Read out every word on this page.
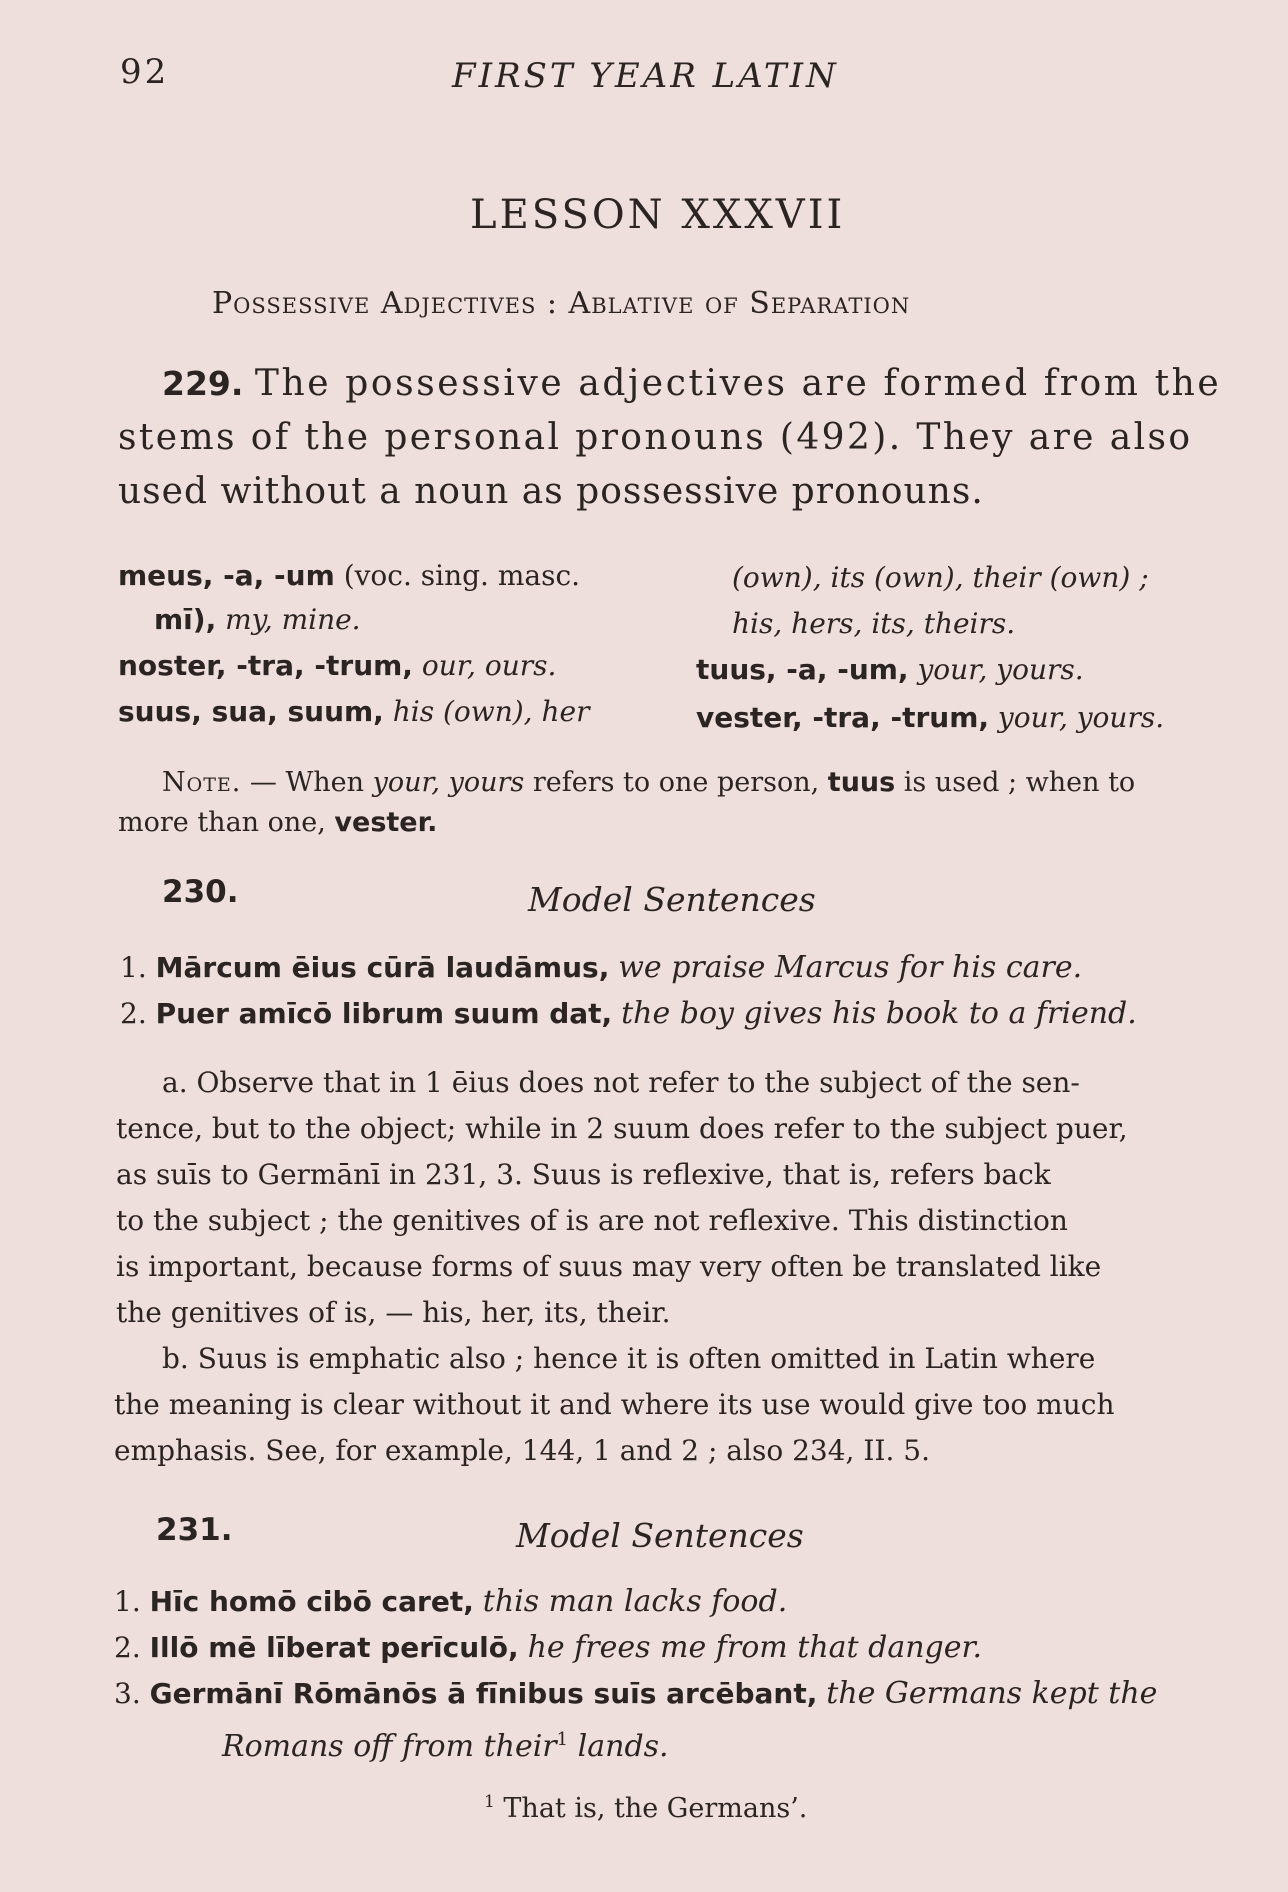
92	FIRST YEAR LATIN
LESSON XXXVII
Possessive Adjectives : Ablative of Separation
229. The possessive adjectives are formed from the
stems of the personal pronouns (492). They are also
used without a noun as possessive pronouns.
meus, -a, -um (voc. sing. masc.
mī), my, mine.
noster, -tra, -trum, our, ours.
suus, sua, suum, his (own), her
(own), its (own), their (own) ;
his, hers, its, theirs.
tuus, -a, -um, your, yours.
vester, -tra, -trum, your, yours.
Note. — When your, yours refers to one person, tuus is used ; when to
more than one, vester.
230.	Model Sentences
1. Mārcum ēius cūrā laudāmus, we praise Marcus for his care.
2. Puer amīcō librum suum dat, the boy gives his book to a friend.
a. Observe that in 1 ēius does not refer to the subject of the sen-
tence, but to the object; while in 2 suum does refer to the subject puer,
as suīs to Germānī in 231, 3. Suus is reflexive, that is, refers back
to the subject ; the genitives of is are not reflexive. This distinction
is important, because forms of suus may very often be translated like
the genitives of is, — his, her, its, their.
b. Suus is emphatic also ; hence it is often omitted in Latin where
the meaning is clear without it and where its use would give too much
emphasis. See, for example, 144, 1 and 2 ; also 234, II. 5.
231.	Model Sentences
1. Hīc homō cibō caret, this man lacks food.
2. Illō mē līberat perīculō, he frees me from that danger.
3. Germānī Rōmānōs ā fīnibus suīs arcēbant, the Germans kept the
Romans off from their$^1$ lands.
$^1$ That is, the Germans’.
